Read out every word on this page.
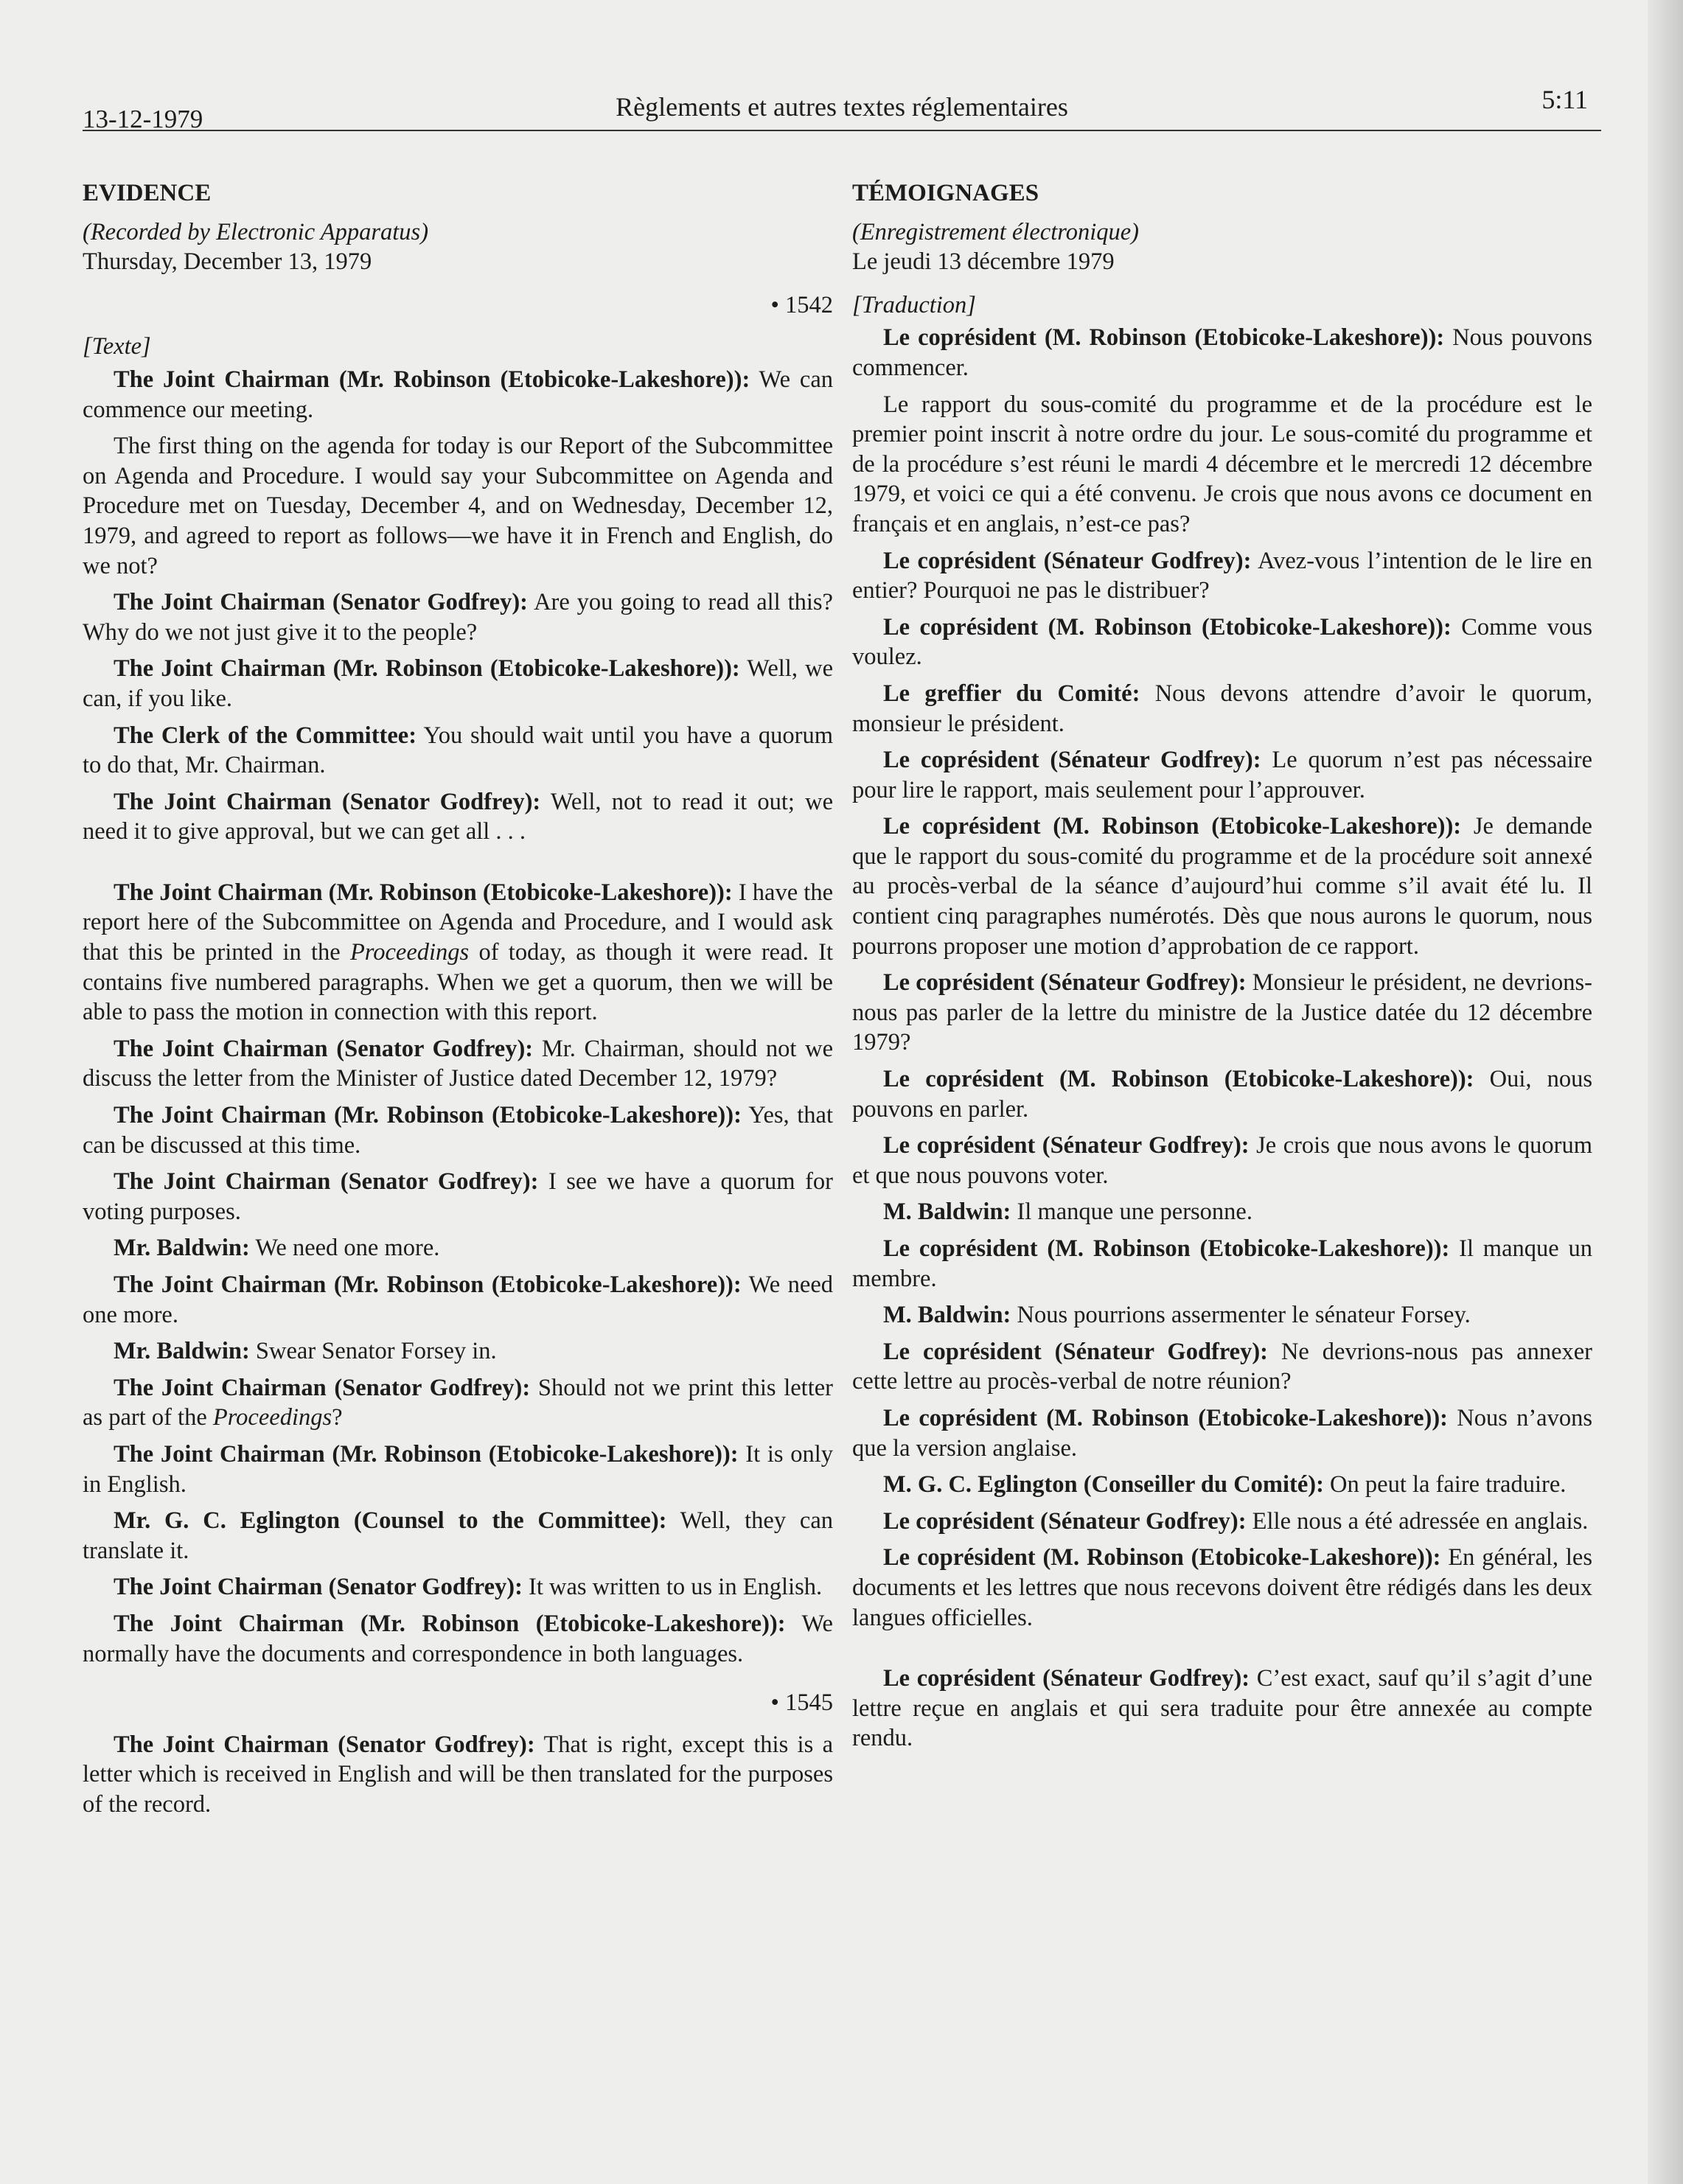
13-12-1979	Règlements et autres textes réglementaires	5:11
EVIDENCE
(Recorded by Electronic Apparatus)
Thursday, December 13, 1979
• 1542
[Texte]

The Joint Chairman (Mr. Robinson (Etobicoke-Lakeshore)): We can commence our meeting.

The first thing on the agenda for today is our Report of the Subcommittee on Agenda and Procedure. I would say your Subcommittee on Agenda and Procedure met on Tuesday, December 4, and on Wednesday, December 12, 1979, and agreed to report as follows—we have it in French and English, do we not?

The Joint Chairman (Senator Godfrey): Are you going to read all this? Why do we not just give it to the people?

The Joint Chairman (Mr. Robinson (Etobicoke-Lakeshore)): Well, we can, if you like.

The Clerk of the Committee: You should wait until you have a quorum to do that, Mr. Chairman.

The Joint Chairman (Senator Godfrey): Well, not to read it out; we need it to give approval, but we can get all . . .

The Joint Chairman (Mr. Robinson (Etobicoke-Lakeshore)): I have the report here of the Subcommittee on Agenda and Procedure, and I would ask that this be printed in the Proceedings of today, as though it were read. It contains five numbered paragraphs. When we get a quorum, then we will be able to pass the motion in connection with this report.

The Joint Chairman (Senator Godfrey): Mr. Chairman, should not we discuss the letter from the Minister of Justice dated December 12, 1979?

The Joint Chairman (Mr. Robinson (Etobicoke-Lakeshore)): Yes, that can be discussed at this time.

The Joint Chairman (Senator Godfrey): I see we have a quorum for voting purposes.

Mr. Baldwin: We need one more.

The Joint Chairman (Mr. Robinson (Etobicoke-Lakeshore)): We need one more.

Mr. Baldwin: Swear Senator Forsey in.

The Joint Chairman (Senator Godfrey): Should not we print this letter as part of the Proceedings?

The Joint Chairman (Mr. Robinson (Etobicoke-Lakeshore)): It is only in English.

Mr. G. C. Eglington (Counsel to the Committee): Well, they can translate it.

The Joint Chairman (Senator Godfrey): It was written to us in English.

The Joint Chairman (Mr. Robinson (Etobicoke-Lakeshore)): We normally have the documents and correspondence in both languages.

• 1545

The Joint Chairman (Senator Godfrey): That is right, except this is a letter which is received in English and will be then translated for the purposes of the record.

TÉMOIGNAGES
(Enregistrement électronique)
Le jeudi 13 décembre 1979
[Traduction]

Le coprésident (M. Robinson (Etobicoke-Lakeshore)): Nous pouvons commencer.

Le rapport du sous-comité du programme et de la procédure est le premier point inscrit à notre ordre du jour. Le sous-comité du programme et de la procédure s’est réuni le mardi 4 décembre et le mercredi 12 décembre 1979, et voici ce qui a été convenu. Je crois que nous avons ce document en français et en anglais, n’est-ce pas?

Le coprésident (Sénateur Godfrey): Avez-vous l’intention de le lire en entier? Pourquoi ne pas le distribuer?

Le coprésident (M. Robinson (Etobicoke-Lakeshore)): Comme vous voulez.

Le greffier du Comité: Nous devons attendre d’avoir le quorum, monsieur le président.

Le coprésident (Sénateur Godfrey): Le quorum n’est pas nécessaire pour lire le rapport, mais seulement pour l’approuver.

Le coprésident (M. Robinson (Etobicoke-Lakeshore)): Je demande que le rapport du sous-comité du programme et de la procédure soit annexé au procès-verbal de la séance d’aujourd’hui comme s’il avait été lu. Il contient cinq paragraphes numérotés. Dès que nous aurons le quorum, nous pourrons proposer une motion d’approbation de ce rapport.

Le coprésident (Sénateur Godfrey): Monsieur le président, ne devrions-nous pas parler de la lettre du ministre de la Justice datée du 12 décembre 1979?

Le coprésident (M. Robinson (Etobicoke-Lakeshore)): Oui, nous pouvons en parler.

Le coprésident (Sénateur Godfrey): Je crois que nous avons le quorum et que nous pouvons voter.

M. Baldwin: Il manque une personne.

Le coprésident (M. Robinson (Etobicoke-Lakeshore)): Il manque un membre.

M. Baldwin: Nous pourrions assermenter le sénateur Forsey.

Le coprésident (Sénateur Godfrey): Ne devrions-nous pas annexer cette lettre au procès-verbal de notre réunion?

Le coprésident (M. Robinson (Etobicoke-Lakeshore)): Nous n’avons que la version anglaise.

M. G. C. Eglington (Conseiller du Comité): On peut la faire traduire.

Le coprésident (Sénateur Godfrey): Elle nous a été adressée en anglais.

Le coprésident (M. Robinson (Etobicoke-Lakeshore)): En général, les documents et les lettres que nous recevons doivent être rédigés dans les deux langues officielles.

Le coprésident (Sénateur Godfrey): C’est exact, sauf qu’il s’agit d’une lettre reçue en anglais et qui sera traduite pour être annexée au compte rendu.
